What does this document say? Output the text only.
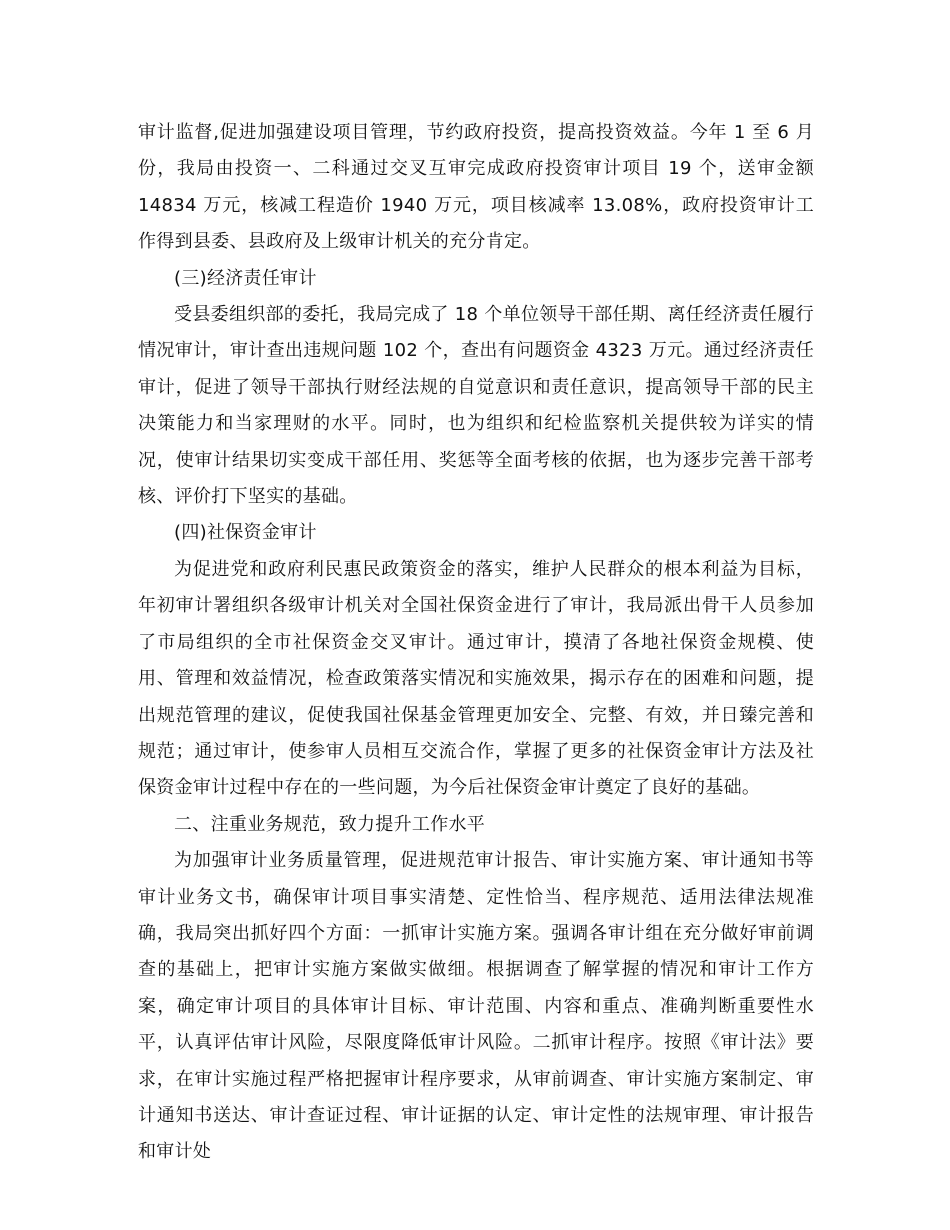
审计监督,促进加强建设项目管理，节约政府投资，提高投资效益。今年 1 至 6 月份，我局由投资一、二科通过交叉互审完成政府投资审计项目 19 个，送审金额 14834 万元，核减工程造价 1940 万元，项目核减率 13.08%，政府投资审计工作得到县委、县政府及上级审计机关的充分肯定。

(三)经济责任审计

受县委组织部的委托，我局完成了 18 个单位领导干部任期、离任经济责任履行情况审计，审计查出违规问题 102 个，查出有问题资金 4323 万元。通过经济责任审计，促进了领导干部执行财经法规的自觉意识和责任意识，提高领导干部的民主决策能力和当家理财的水平。同时，也为组织和纪检监察机关提供较为详实的情况，使审计结果切实变成干部任用、奖惩等全面考核的依据，也为逐步完善干部考核、评价打下坚实的基础。

(四)社保资金审计

为促进党和政府利民惠民政策资金的落实，维护人民群众的根本利益为目标，年初审计署组织各级审计机关对全国社保资金进行了审计，我局派出骨干人员参加了市局组织的全市社保资金交叉审计。通过审计，摸清了各地社保资金规模、使用、管理和效益情况，检查政策落实情况和实施效果，揭示存在的困难和问题，提出规范管理的建议，促使我国社保基金管理更加安全、完整、有效，并日臻完善和规范；通过审计，使参审人员相互交流合作，掌握了更多的社保资金审计方法及社保资金审计过程中存在的一些问题，为今后社保资金审计奠定了良好的基础。

二、注重业务规范，致力提升工作水平

为加强审计业务质量管理，促进规范审计报告、审计实施方案、审计通知书等审计业务文书，确保审计项目事实清楚、定性恰当、程序规范、适用法律法规准确，我局突出抓好四个方面：一抓审计实施方案。强调各审计组在充分做好审前调查的基础上，把审计实施方案做实做细。根据调查了解掌握的情况和审计工作方案，确定审计项目的具体审计目标、审计范围、内容和重点、准确判断重要性水平，认真评估审计风险，尽限度降低审计风险。二抓审计程序。按照《审计法》要求，在审计实施过程严格把握审计程序要求，从审前调查、审计实施方案制定、审计通知书送达、审计查证过程、审计证据的认定、审计定性的法规审理、审计报告和审计处
